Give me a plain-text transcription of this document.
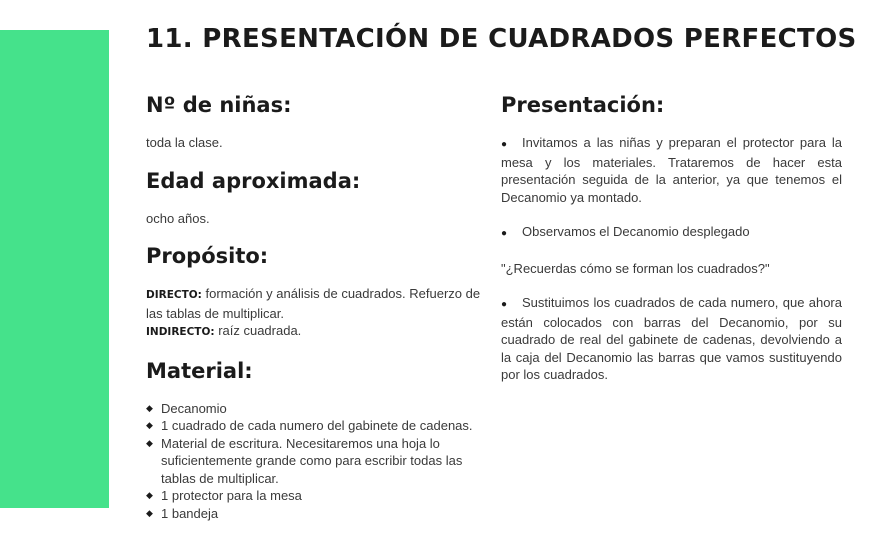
11. PRESENTACIÓN DE CUADRADOS PERFECTOS
Nº de niñas:

toda la clase.

Edad aproximada:

ocho años.

Propósito:

DIRECTO: formación y análisis de cuadrados. Refuerzo de las tablas de multiplicar.

INDIRECTO: raíz cuadrada.

Material:
◆ Decanomio
◆ 1 cuadrado de cada numero del gabinete de cadenas.
◆ Material de escritura. Necesitaremos una hoja lo suficientemente grande como para escribir todas las tablas de multiplicar.
◆ 1 protector para la mesa
◆ 1 bandeja
Presentación:

● Invitamos a las niñas y preparan el protector para la mesa y los materiales. Trataremos de hacer esta presentación seguida de la anterior, ya que tenemos el Decanomio ya montado.

● Observamos el Decanomio desplegado

"¿Recuerdas cómo se forman los cuadrados?"

● Sustituimos los cuadrados de cada numero, que ahora están colocados con barras del Decanomio, por su cuadrado de real del gabinete de cadenas, devolviendo a la caja del Decanomio las barras que vamos sustituyendo por los cuadrados.
